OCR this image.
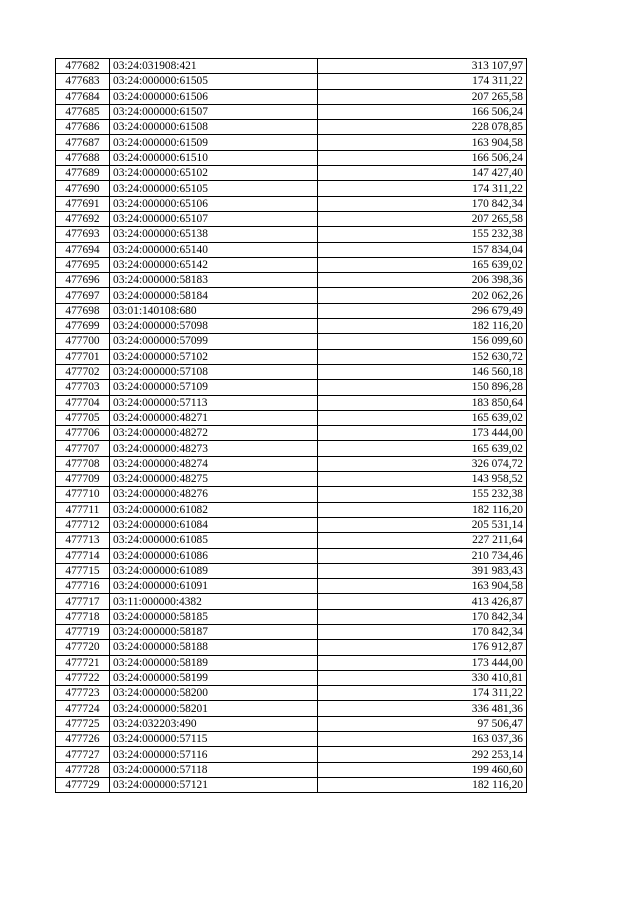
477682	03:24:031908:421	313 107,97
477683	03:24:000000:61505	174 311,22
477684	03:24:000000:61506	207 265,58
477685	03:24:000000:61507	166 506,24
477686	03:24:000000:61508	228 078,85
477687	03:24:000000:61509	163 904,58
477688	03:24:000000:61510	166 506,24
477689	03:24:000000:65102	147 427,40
477690	03:24:000000:65105	174 311,22
477691	03:24:000000:65106	170 842,34
477692	03:24:000000:65107	207 265,58
477693	03:24:000000:65138	155 232,38
477694	03:24:000000:65140	157 834,04
477695	03:24:000000:65142	165 639,02
477696	03:24:000000:58183	206 398,36
477697	03:24:000000:58184	202 062,26
477698	03:01:140108:680	296 679,49
477699	03:24:000000:57098	182 116,20
477700	03:24:000000:57099	156 099,60
477701	03:24:000000:57102	152 630,72
477702	03:24:000000:57108	146 560,18
477703	03:24:000000:57109	150 896,28
477704	03:24:000000:57113	183 850,64
477705	03:24:000000:48271	165 639,02
477706	03:24:000000:48272	173 444,00
477707	03:24:000000:48273	165 639,02
477708	03:24:000000:48274	326 074,72
477709	03:24:000000:48275	143 958,52
477710	03:24:000000:48276	155 232,38
477711	03:24:000000:61082	182 116,20
477712	03:24:000000:61084	205 531,14
477713	03:24:000000:61085	227 211,64
477714	03:24:000000:61086	210 734,46
477715	03:24:000000:61089	391 983,43
477716	03:24:000000:61091	163 904,58
477717	03:11:000000:4382	413 426,87
477718	03:24:000000:58185	170 842,34
477719	03:24:000000:58187	170 842,34
477720	03:24:000000:58188	176 912,87
477721	03:24:000000:58189	173 444,00
477722	03:24:000000:58199	330 410,81
477723	03:24:000000:58200	174 311,22
477724	03:24:000000:58201	336 481,36
477725	03:24:032203:490	97 506,47
477726	03:24:000000:57115	163 037,36
477727	03:24:000000:57116	292 253,14
477728	03:24:000000:57118	199 460,60
477729	03:24:000000:57121	182 116,20
